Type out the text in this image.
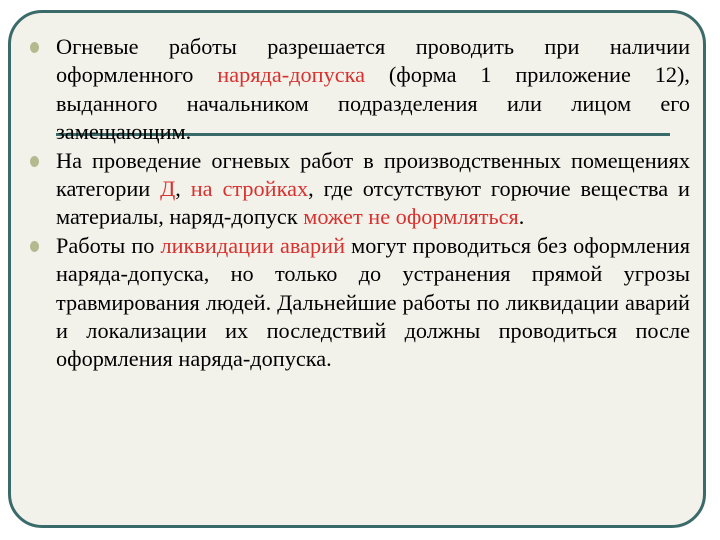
Огневые работы разрешается проводить при наличии оформленного наряда-допуска (форма 1 приложение 12), выданного начальником подразделения или лицом его замещающим.
На проведение огневых работ в производственных помещениях категории Д, на стройках, где отсутствуют горючие вещества и материалы, наряд-допуск может не оформляться.
Работы по ликвидации аварий могут проводиться без оформления наряда-допуска, но только до устранения прямой угрозы травмирования людей. Дальнейшие работы по ликвидации аварий и локализации их последствий должны проводиться после оформления наряда-допуска.
